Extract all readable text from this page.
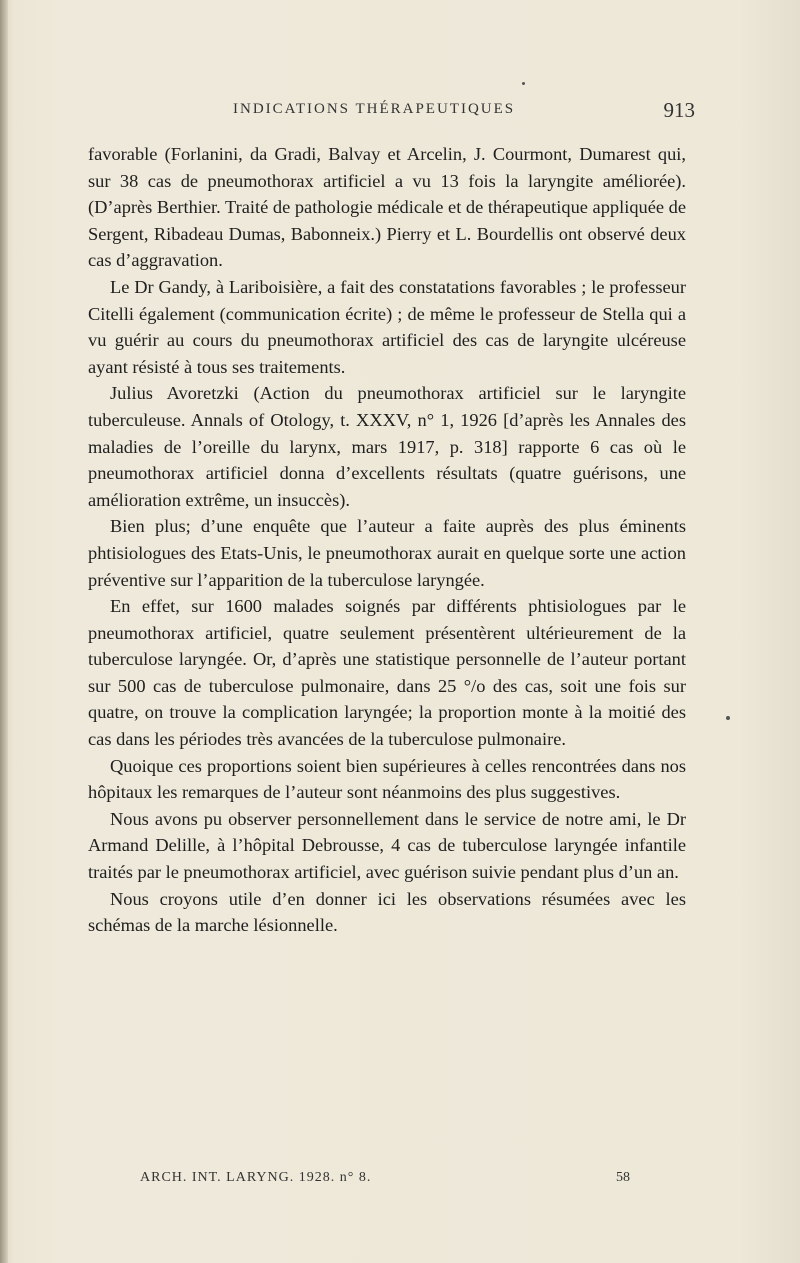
INDICATIONS THÉRAPEUTIQUES	913

favorable (Forlanini, da Gradi, Balvay et Arcelin, J. Courmont, Dumarest qui, sur 38 cas de pneumothorax artificiel a vu 13 fois la laryngite améliorée). (D’après Berthier. Traité de pathologie médicale et de thérapeutique appliquée de Sergent, Ribadeau Dumas, Babonneix.) Pierry et L. Bourdellis ont observé deux cas d’aggravation.

Le Dr Gandy, à Lariboisière, a fait des constatations favorables ; le professeur Citelli également (communication écrite) ; de même le professeur de Stella qui a vu guérir au cours du pneumothorax artificiel des cas de laryngite ulcéreuse ayant résisté à tous ses traitements.

Julius Avoretzki (Action du pneumothorax artificiel sur le laryngite tuberculeuse. Annals of Otology, t. XXXV, n° 1, 1926 [d’après les Annales des maladies de l’oreille du larynx, mars 1917, p. 318] rapporte 6 cas où le pneumothorax artificiel donna d’excellents résultats (quatre guérisons, une amélioration extrême, un insuccès).

Bien plus; d’une enquête que l’auteur a faite auprès des plus éminents phtisiologues des Etats-Unis, le pneumothorax aurait en quelque sorte une action préventive sur l’apparition de la tuberculose laryngée.

En effet, sur 1600 malades soignés par différents phtisiologues par le pneumothorax artificiel, quatre seulement présentèrent ultérieurement de la tuberculose laryngée. Or, d’après une statistique personnelle de l’auteur portant sur 500 cas de tuberculose pulmonaire, dans 25 °/o des cas, soit une fois sur quatre, on trouve la complication laryngée; la proportion monte à la moitié des cas dans les périodes très avancées de la tuberculose pulmonaire.

Quoique ces proportions soient bien supérieures à celles rencontrées dans nos hôpitaux les remarques de l’auteur sont néanmoins des plus suggestives.

Nous avons pu observer personnellement dans le service de notre ami, le Dr Armand Delille, à l’hôpital Debrousse, 4 cas de tuberculose laryngée infantile traités par le pneumothorax artificiel, avec guérison suivie pendant plus d’un an.

Nous croyons utile d’en donner ici les observations résumées avec les schémas de la marche lésionnelle.

ARCH. INT. LARYNG. 1928. n° 8.	58
